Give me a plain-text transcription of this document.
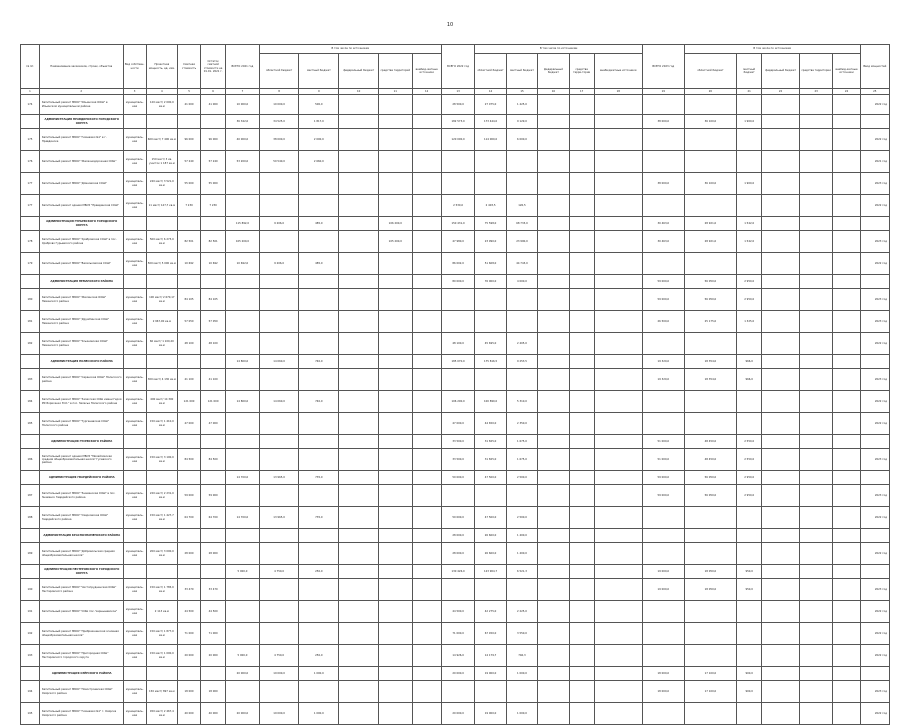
10
№ пп	Наименование заказчиков, строек, объектов	Вид собствен-ности	Проектная мощность, ед. изм.	Сметная стоимость	Остаток сметной стоимости на 01.01. 2021 г.	ВСЕГО 2021 год	В том числе по источникам					ВСЕГО 2022 год	В том числе по источникам					ВСЕГО 2023 год	В том числе по источникам					Ввод мощностей
							областной бюджет	местный бюджет	федеральный бюджет	средства территорий	внебюд-жетные источники		областной бюджет	местный бюджет	федеральный бюджет	средства терри-тории	внебюджетные источники		областной бюджет	местный бюджет	федеральный бюджет	средства территории	внебюд-жетные источники	
1	2	3	4	5	6	7	8	9	10	11	12	13	14	15	16	17	18	19	20	21	22	23	24	25
174	Капитальный ремонт МБОУ "Ильинская ООШ" в Ильинском муниципальном районе	муниципаль-ная	120 мест/ 2 000,0 кв.м	41 000	41 000	10 000,0	10 000,0	500,0				28 500,0	27 075,0	1 425,0										2022 год
	АДМИНИСТРАЦИЯ ПРАВДИНСКОГО ГОРОДСКОГО ОКРУГА					36 342,0	34 525,0	1 817,0				182 573,0	173 444,0	9 129,0				38 000,0	36 100,0	1 900,0				
175	Капитальный ремонт МБОУ "Гимназия №1" в г. Правдинске	муниципаль-ная	600 мест/ 7 400 кв.м	96 000	96 000	40 000,0	38 000,0	2 000,0				120 000,0	114 000,0	6 000,0										2022 год
176	Капитальный ремонт МБОУ "Железнодорожная СОШ"	муниципаль-ная	150 мест/ 3 кв. участок 1 187 кв.м	57 240	57 240	53 200,0	50 540,0	2 660,0																2021 год
177	Капитальный ремонт МБОУ "Домновская СОШ"	муниципаль-ная	240 мест/ 3 521,0 кв.м	55 000	55 000													38 000,0	36 100,0	1 900,0				2023 год
177	Капитальный ремонт здания МБОУ "Правдинская СОШ"	муниципаль-ная	11 мест/ 147,7 кв.м	7 230	7 230							2 530,0	2 403,5	126,5										2022 год
	АДМИНИСТРАЦИЯ ГУРЬЕВСКОГО ГОРОДСКОГО ОКРУГА					115 892,0	9 206,0	485,0		106 200,0		150 431,0	75 598,0	68 733,0				30 463,0	28 921,0	1 542,0				
178	Капитальный ремонт МБОУ "Храбровская СОШ" в пос. Храброво Гурьевского района	муниципаль-ная	500 мест/ 6 273,0 кв.м	82 501	82 501	105 200,0				105 200,0		47 980,0	23 990,0	23 990,0				30 463,0	28 921,0	1 542,0				2023 год
179	Капитальный ремонт МБОУ "Васильковская СОШ"	муниципаль-ная	500 мест/ 5 000 кв.м	10 692	10 692	10 692,0	9 206,0	485,0				86 002,0	51 608,0	44 743,0										2022 год
	АДМИНИСТРАЦИЯ НЕМАНСКОГО РАЙОНА											80 000,0	76 000,0	4 000,0				59 000,0	56 050,0	2 950,0				
180	Капитальный ремонт МБОУ "Жилинская ООШ" Неманского района	муниципаль-ная	100 мест/ 2 670,17 кв.м	84 105	84 105													59 000,0	56 050,0	2 950,0				2023 год
181	Капитальный ремонт МБОУ "Дружбинская СОШ" Неманского района	муниципаль-ная	2 967,00 кв.м	57 050	57 050													26 500,0	25 175,0	1 325,0				2023 год
182	Капитальный ремонт МБОУ "Ульяновская ООШ" Неманского района	муниципаль-ная	60 мест/ 1 100,20 кв.м	48 100	48 100							48 100,0	45 695,0	2 405,0										2022 год
	АДМИНИСТРАЦИЯ ПОЛЕССКОГО РАЙОНА					14 800,0	14 060,0	740,0				185 070,0	175 816,5	9 253,5				19 320,0	18 354,0	966,0				
183	Капитальный ремонт МБОУ "Саранская ООШ" Полесского района	муниципаль-ная	300 мест/ 4 130 кв.м	41 100	41 100													19 320,0	18 354,0	966,0				2023 год
184	Капитальный ремонт МБОУ "Залесская СОШ имени Героя РФ Борисенко Ю.К." в пос. Залесье Полесского района	муниципаль-ная	400 мест/ 14 300 кв.м	121 000	121 000	14 800,0	14 060,0	740,0				106 200,0	100 890,0	5 310,0										2022 год
185	Капитальный ремонт МБОУ "Тургеневская СОШ" Полесского района	муниципаль-ная	150 мест/ 1 410,0 кв.м	47 000	47 000							47 000,0	44 650,0	2 350,0										2022 год
	АДМИНИСТРАЦИЯ ГУСЕВСКОГО РАЙОНА											33 500,0	31 825,0	1 675,0				51 000,0	48 450,0	2 550,0				
186	Капитальный ремонт здания МБОУ "Михайловская средняя общеобразовательная школа" Гусевского района	муниципаль-ная	150 мест/ 3 100,0 кв.м	84 500	84 500							33 500,0	31 825,0	1 675,0				51 000,0	48 450,0	2 550,0				2023 год
	АДМИНИСТРАЦИЯ ГВАРДЕЙСКОГО РАЙОНА					14 700,0	13 965,0	735,0				50 000,0	47 500,0	2 500,0				59 000,0	56 050,0	2 950,0				
187	Капитальный ремонт МБОУ "Знаменская СОШ" в пос. Знаменск Гвардейского района	муниципаль-ная	220 мест/ 2 231,0 кв.м	59 000	59 000													59 000,0	56 050,0	2 950,0				2023 год
188	Капитальный ремонт МБОУ "Озерковская ООШ" Гвардейского района	муниципаль-ная	150 мест/ 1 427,7 кв.м	64 700	64 700	14 700,0	13 965,0	735,0				50 000,0	47 500,0	2 500,0										2022 год
	АДМИНИСТРАЦИЯ КРАСНОЗНАМЕНСКОГО РАЙОНА											28 000,0	26 600,0	1 400,0										
189	Капитальный ремонт МБОУ "Добровольская средняя общеобразовательная школа"	муниципаль-ная	200 мест/ 3 000,0 кв.м	28 000	28 000							28 000,0	26 600,0	1 400,0										2022 год
	АДМИНИСТРАЦИЯ НЕСТЕРОВСКОГО ГОРОДСКОГО ОКРУГА					5 000,0	4 750,0	250,0				130 426,0	123 904,7	6 521,3				19 000,0	18 050,0	950,0				
190	Капитальный ремонт МБОУ "Чистопрудненская ООШ" Нестеровского района	муниципаль-ная	150 мест/ 1 785,0 кв.м	33 470	33 470													19 000,0	18 050,0	950,0				2023 год
191	Капитальный ремонт МБОУ "СОШ пос. Чернышевское"	муниципаль-ная	2 113 кв.м	44 500	44 500							44 500,0	42 275,0	2 225,0										2022 год
192	Капитальный ремонт МБОУ "Прибрежненская основная общеобразовательная школа"	муниципаль-ная	150 мест/ 1 877,0 кв.м	71 000	71 000							71 000,0	67 450,0	3 550,0										2022 год
193	Капитальный ремонт МБОУ "Пригородная СОШ" Нестеровского городского округа	муниципаль-ная	150 мест/ 1 000,0 кв.м	20 000	20 000	5 000,0	4 750,0	250,0				14 926,0	14 179,7	746,3										2022 год
	АДМИНИСТРАЦИЯ ОЗЁРСКОГО РАЙОНА					20 000,0	19 000,0	1 000,0				20 000,0	19 000,0	1 000,0				18 000,0	17 100,0	900,0				
194	Капитальный ремонт МБОУ "Новостроевская ООШ" Озёрского района	муниципаль-ная	150 мест/ 897 кв.м	18 000	18 000													18 000,0	17 100,0	900,0				2023 год
195	Капитальный ремонт МБОУ "Гимназия №1" г. Озёрска Озёрского района	муниципаль-ная	450 мест/ 2 467,4 кв.м	40 000	40 000	20 000,0	19 000,0	1 000,0				20 000,0	19 000,0	1 000,0										2022 год
